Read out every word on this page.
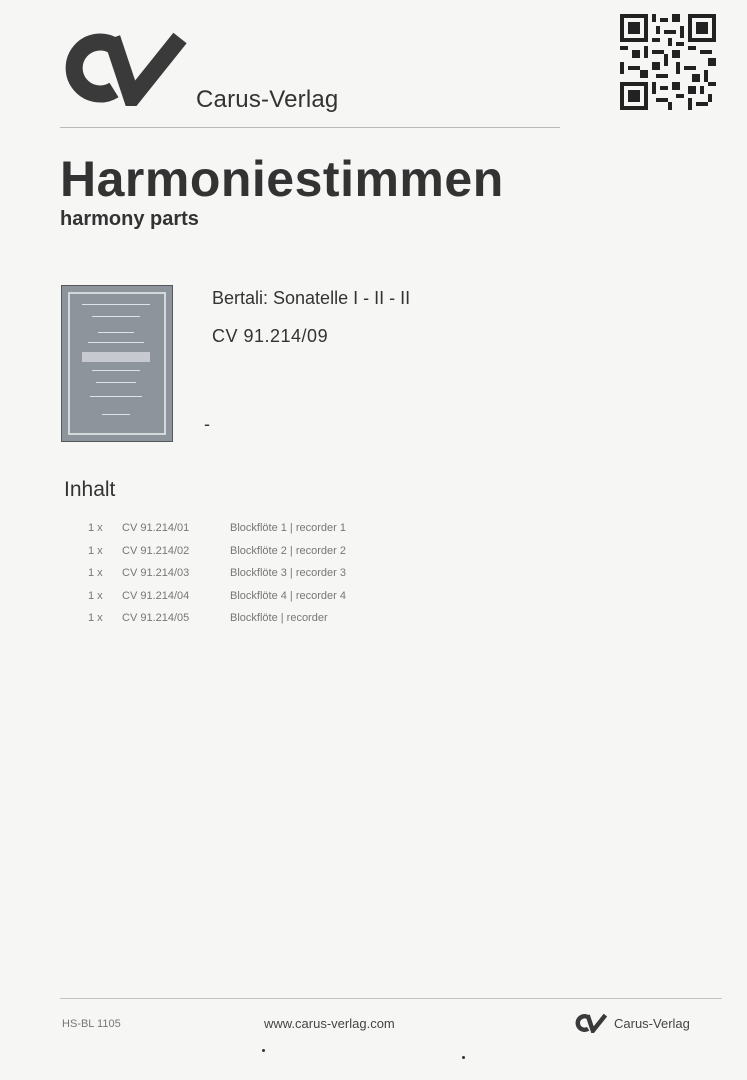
Carus-Verlag
Harmoniestimmen
harmony parts
Bertali: Sonatelle I - II - II
CV 91.214/09
-
Inhalt
1 x CV 91.214/01	Blockflöte 1 | recorder 1
1 x CV 91.214/02	Blockflöte 2 | recorder 2
1 x CV 91.214/03	Blockflöte 3 | recorder 3
1 x CV 91.214/04	Blockflöte 4 | recorder 4
1 x CV 91.214/05	Blockflöte | recorder
HS-BL 1105	www.carus-verlag.com	Carus-Verlag
